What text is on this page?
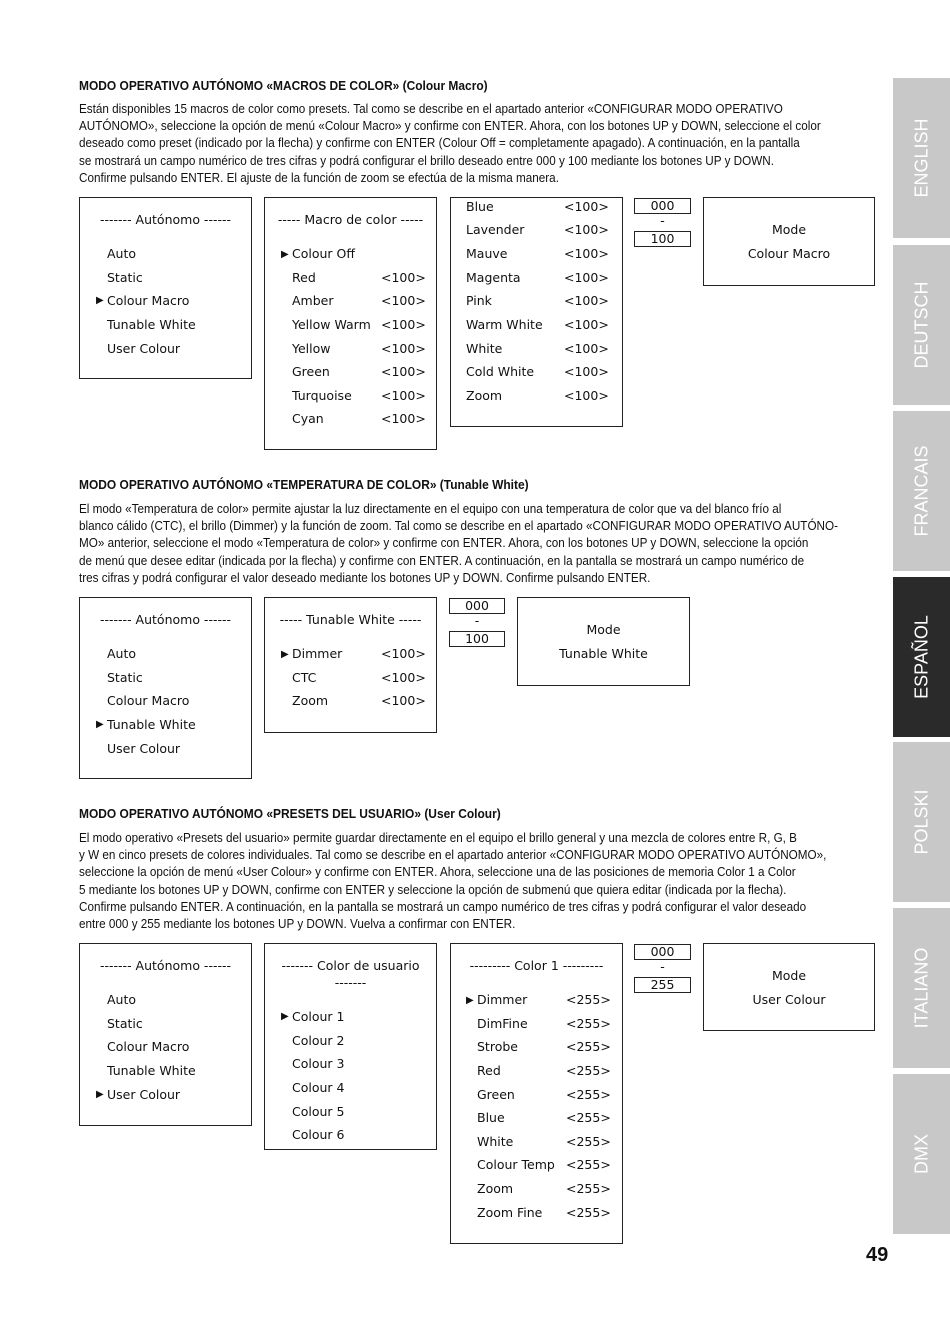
MODO OPERATIVO AUTÓNOMO «MACROS DE COLOR» (Colour Macro)
Están disponibles 15 macros de color como presets. Tal como se describe en el apartado anterior «CONFIGURAR MODO OPERATIVO
AUTÓNOMO», seleccione la opción de menú «Colour Macro» y confirme con ENTER. Ahora, con los botones UP y DOWN, seleccione el color
deseado como preset (indicado por la flecha) y confirme con ENTER (Colour Off = completamente apagado). A continuación, en la pantalla
se mostrará un campo numérico de tres cifras y podrá configurar el brillo deseado entre 000 y 100 mediante los botones UP y DOWN.
Confirme pulsando ENTER. El ajuste de la función de zoom se efectúa de la misma manera.
------- Autónomo ------
Auto
Static
▶ Colour Macro
Tunable White
User Colour
----- Macro de color -----
▶ Colour Off
Red	<100>
Amber	<100>
Yellow Warm <100>
Yellow	<100>
Green	<100>
Turquoise <100>
Cyan	<100>
Blue	<100>
Lavender	<100>
Mauve	<100>
Magenta	<100>
Pink	<100>
Warm White <100>
White	<100>
Cold White <100>
Zoom	<100>
000
-
100
Mode
Colour Macro
MODO OPERATIVO AUTÓNOMO «TEMPERATURA DE COLOR» (Tunable White)
El modo «Temperatura de color» permite ajustar la luz directamente en el equipo con una temperatura de color que va del blanco frío al
blanco cálido (CTC), el brillo (Dimmer) y la función de zoom. Tal como se describe en el apartado «CONFIGURAR MODO OPERATIVO AUTÓNO-
MO» anterior, seleccione el modo «Temperatura de color» y confirme con ENTER. Ahora, con los botones UP y DOWN, seleccione la opción
de menú que desee editar (indicada por la flecha) y confirme con ENTER. A continuación, en la pantalla se mostrará un campo numérico de
tres cifras y podrá configurar el valor deseado mediante los botones UP y DOWN. Confirme pulsando ENTER.
------- Autónomo ------
Auto
Static
Colour Macro
▶ Tunable White
User Colour
----- Tunable White -----
▶ Dimmer	<100>
CTC	<100>
Zoom	<100>
000
-
100
Mode
Tunable White
MODO OPERATIVO AUTÓNOMO «PRESETS DEL USUARIO» (User Colour)
El modo operativo «Presets del usuario» permite guardar directamente en el equipo el brillo general y una mezcla de colores entre R, G, B
y W en cinco presets de colores individuales. Tal como se describe en el apartado anterior «CONFIGURAR MODO OPERATIVO AUTÓNOMO»,
seleccione la opción de menú «User Colour» y confirme con ENTER. Ahora, seleccione una de las posiciones de memoria Color 1 a Color
5 mediante los botones UP y DOWN, confirme con ENTER y seleccione la opción de submenú que quiera editar (indicada por la flecha).
Confirme pulsando ENTER. A continuación, en la pantalla se mostrará un campo numérico de tres cifras y podrá configurar el valor deseado
entre 000 y 255 mediante los botones UP y DOWN. Vuelva a confirmar con ENTER.
------- Autónomo ------
Auto
Static
Colour Macro
Tunable White
▶ User Colour
------- Color de usuario
-------
▶ Colour 1
Colour 2
Colour 3
Colour 4
Colour 5
Colour 6
--------- Color 1 ---------
▶ Dimmer	<255>
DimFine	<255>
Strobe	<255>
Red	<255>
Green	<255>
Blue	<255>
White	<255>
Colour Temp <255>
Zoom	<255>
Zoom Fine <255>
000
-
255
Mode
User Colour
ENGLISH
DEUTSCH
FRANCAIS
ESPAÑOL
POLSKI
ITALIANO
DMX
49
